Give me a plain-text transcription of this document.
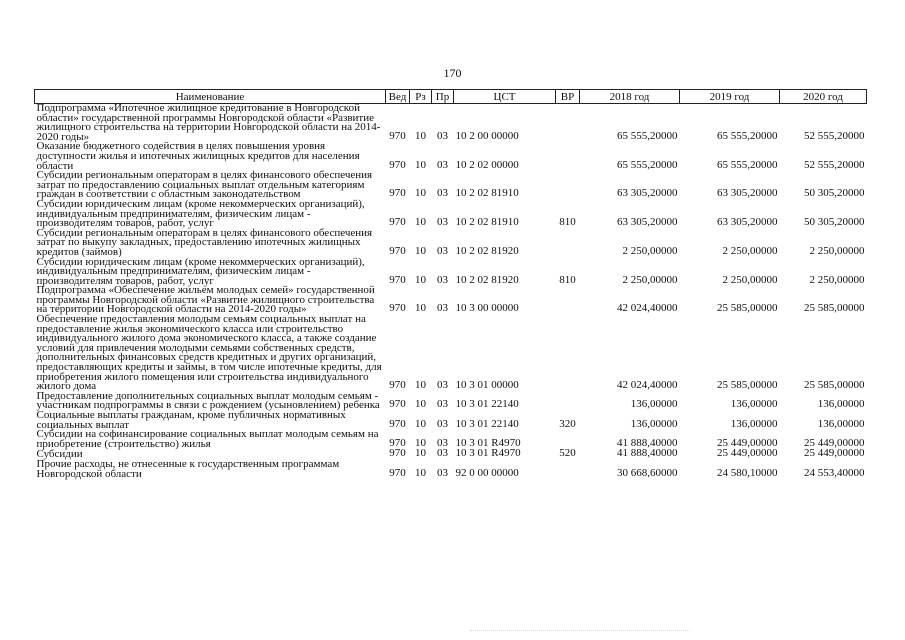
170
Наименование	Вед	Рз	Пр	ЦСТ	ВР	2018 год	2019 год	2020 год
Подпрограмма «Ипотечное жилищное кредитование в Новгородской области» государственной программы Новгородской области «Развитие жилищного строительства на территории Новгородской области на 2014-2020 годы»	970	10	03	10 2 00 00000		65 555,20000	65 555,20000	52 555,20000
Оказание бюджетного содействия в целях повышения уровня доступности жилья и ипотечных жилищных кредитов для населения области	970	10	03	10 2 02 00000		65 555,20000	65 555,20000	52 555,20000
Субсидии региональным операторам в целях финансового обеспечения затрат по предоставлению социальных выплат отдельным категориям граждан в соответствии с областным законодательством	970	10	03	10 2 02 81910		63 305,20000	63 305,20000	50 305,20000
Субсидии юридическим лицам (кроме некоммерческих организаций), индивидуальным предпринимателям, физическим лицам - производителям товаров, работ, услуг	970	10	03	10 2 02 81910	810	63 305,20000	63 305,20000	50 305,20000
Субсидии региональным операторам в целях финансового обеспечения затрат по выкупу закладных, предоставлению ипотечных жилищных кредитов (займов)	970	10	03	10 2 02 81920		2 250,00000	2 250,00000	2 250,00000
Субсидии юридическим лицам (кроме некоммерческих организаций), индивидуальным предпринимателям, физическим лицам - производителям товаров, работ, услуг	970	10	03	10 2 02 81920	810	2 250,00000	2 250,00000	2 250,00000
Подпрограмма «Обеспечение жильем молодых семей» государственной программы Новгородской области «Развитие жилищного строительства на территории Новгородской области на 2014-2020 годы»	970	10	03	10 3 00 00000		42 024,40000	25 585,00000	25 585,00000
Обеспечение предоставления молодым семьям социальных выплат на предоставление жилья экономического класса или строительство индивидуального жилого дома экономического класса, а также создание условий для привлечения молодыми семьями собственных средств, дополнительных финансовых средств кредитных и других организаций, предоставляющих кредиты и займы, в том числе ипотечные кредиты, для приобретения жилого помещения или строительства индивидуального жилого дома	970	10	03	10 3 01 00000		42 024,40000	25 585,00000	25 585,00000
Предоставление дополнительных социальных выплат молодым семьям - участникам подпрограммы в связи с рождением (усыновлением) ребенка	970	10	03	10 3 01 22140		136,00000	136,00000	136,00000
Социальные выплаты гражданам, кроме публичных нормативных социальных выплат	970	10	03	10 3 01 22140	320	136,00000	136,00000	136,00000
Субсидии на софинансирование социальных выплат молодым семьям на приобретение (строительство) жилья	970	10	03	10 3 01 R4970		41 888,40000	25 449,00000	25 449,00000
Субсидии	970	10	03	10 3 01 R4970	520	41 888,40000	25 449,00000	25 449,00000
Прочие расходы, не отнесенные к государственным программам Новгородской области	970	10	03	92 0 00 00000		30 668,60000	24 580,10000	24 553,40000
